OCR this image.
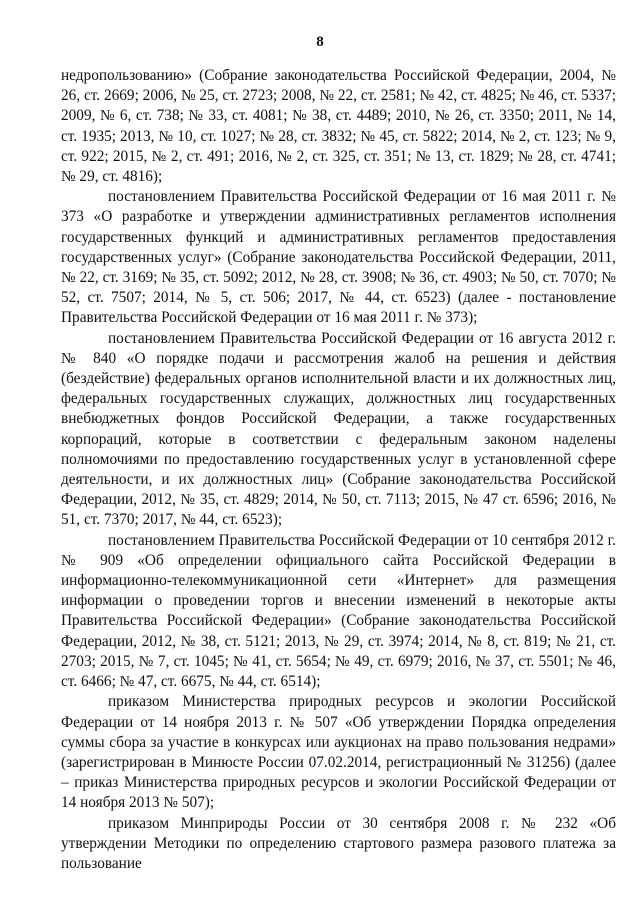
8

недропользованию» (Собрание законодательства Российской Федерации, 2004, № 26, ст. 2669; 2006, № 25, ст. 2723; 2008, № 22, ст. 2581; № 42, ст. 4825; № 46, ст. 5337; 2009, № 6, ст. 738; № 33, ст. 4081; № 38, ст. 4489; 2010, № 26, ст. 3350; 2011, № 14, ст. 1935; 2013, № 10, ст. 1027; № 28, ст. 3832; № 45, ст. 5822; 2014, № 2, ст. 123; № 9, ст. 922; 2015, № 2, ст. 491; 2016, № 2, ст. 325, ст. 351; № 13, ст. 1829; № 28, ст. 4741; № 29, ст. 4816);

постановлением Правительства Российской Федерации от 16 мая 2011 г. № 373 «О разработке и утверждении административных регламентов исполнения государственных функций и административных регламентов предоставления государственных услуг» (Собрание законодательства Российской Федерации, 2011, № 22, ст. 3169; № 35, ст. 5092; 2012, № 28, ст. 3908; № 36, ст. 4903; № 50, ст. 7070; № 52, ст. 7507; 2014, № 5, ст. 506; 2017, № 44, ст. 6523) (далее - постановление Правительства Российской Федерации от 16 мая 2011 г. № 373);

постановлением Правительства Российской Федерации от 16 августа 2012 г. № 840 «О порядке подачи и рассмотрения жалоб на решения и действия (бездействие) федеральных органов исполнительной власти и их должностных лиц, федеральных государственных служащих, должностных лиц государственных внебюджетных фондов Российской Федерации, а также государственных корпораций, которые в соответствии с федеральным законом наделены полномочиями по предоставлению государственных услуг в установленной сфере деятельности, и их должностных лиц» (Собрание законодательства Российской Федерации, 2012, № 35, ст. 4829; 2014, № 50, ст. 7113; 2015, № 47 ст. 6596; 2016, № 51, ст. 7370; 2017, № 44, ст. 6523);

постановлением Правительства Российской Федерации от 10 сентября 2012 г. № 909 «Об определении официального сайта Российской Федерации в информационно-телекоммуникационной сети «Интернет» для размещения информации о проведении торгов и внесении изменений в некоторые акты Правительства Российской Федерации» (Собрание законодательства Российской Федерации, 2012, № 38, ст. 5121; 2013, № 29, ст. 3974; 2014, № 8, ст. 819; № 21, ст. 2703; 2015, № 7, ст. 1045; № 41, ст. 5654; № 49, ст. 6979; 2016, № 37, ст. 5501; № 46, ст. 6466; № 47, ст. 6675, № 44, ст. 6514);

приказом Министерства природных ресурсов и экологии Российской Федерации от 14 ноября 2013 г. № 507 «Об утверждении Порядка определения суммы сбора за участие в конкурсах или аукционах на право пользования недрами» (зарегистрирован в Минюсте России 07.02.2014, регистрационный № 31256) (далее – приказ Министерства природных ресурсов и экологии Российской Федерации от 14 ноября 2013 № 507);

приказом Минприроды России от 30 сентября 2008 г. № 232 «Об утверждении Методики по определению стартового размера разового платежа за пользование
